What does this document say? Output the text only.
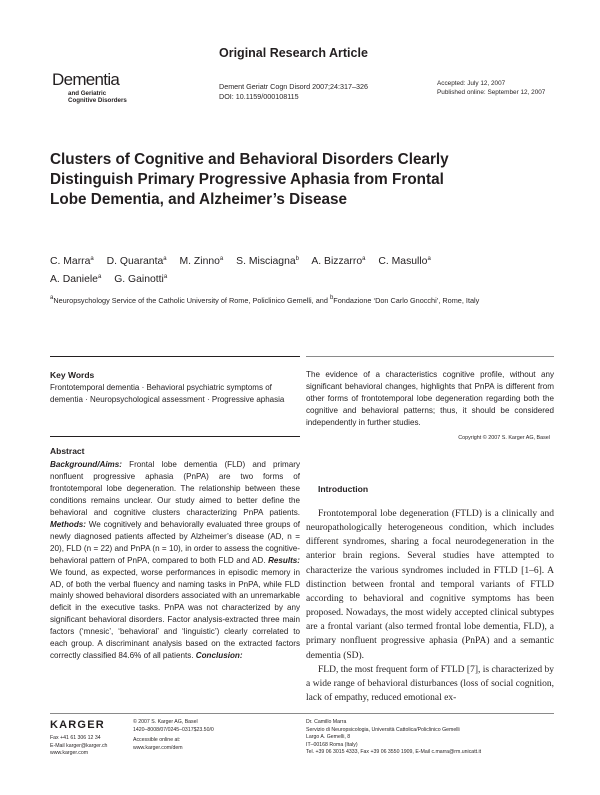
Original Research Article
Dementia
and Geriatric
Cognitive Disorders
Dement Geriatr Cogn Disord 2007;24:317–326
DOI: 10.1159/000108115
Accepted: July 12, 2007
Published online: September 12, 2007
Clusters of Cognitive and Behavioral Disorders Clearly Distinguish Primary Progressive Aphasia from Frontal Lobe Dementia, and Alzheimer’s Disease
C. Marra$^a$ D. Quaranta$^a$ M. Zinno$^a$ S. Misciagna$^b$ A. Bizzarro$^a$ C. Masullo$^a$
A. Daniele$^a$ G. Gainotti$^a$
$^a$Neuropsychology Service of the Catholic University of Rome, Policlinico Gemelli, and $^b$Fondazione ‘Don Carlo Gnocchi’, Rome, Italy
Key Words
Frontotemporal dementia · Behavioral psychiatric symptoms of dementia · Neuropsychological assessment · Progressive aphasia
Abstract
Background/Aims: Frontal lobe dementia (FLD) and primary nonfluent progressive aphasia (PnPA) are two forms of frontotemporal lobe degeneration. The relationship between these conditions remains unclear. Our study aimed to better define the behavioral and cognitive clusters characterizing PnPA patients. Methods: We cognitively and behaviorally evaluated three groups of newly diagnosed patients affected by Alzheimer’s disease (AD, n = 20), FLD (n = 22) and PnPA (n = 10), in order to assess the cognitive-behavioral pattern of PnPA, compared to both FLD and AD. Results: We found, as expected, worse performances in episodic memory in AD, of both the verbal fluency and naming tasks in PnPA, while FLD mainly showed behavioral disorders associated with an unremarkable deficit in the executive tasks. PnPA was not characterized by any significant behavioral disorders. Factor analysis-extracted three main factors (‘mnesic’, ‘behavioral’ and ‘linguistic’) clearly correlated to each group. A discriminant analysis based on the extracted factors correctly classified 84.6% of all patients. Conclusion:
The evidence of a characteristics cognitive profile, without any significant behavioral changes, highlights that PnPA is different from other forms of frontotemporal lobe degeneration regarding both the cognitive and behavioral patterns; thus, it should be considered independently in further studies.
Copyright © 2007 S. Karger AG, Basel
Introduction

Frontotemporal lobe degeneration (FTLD) is a clinically and neuropathologically heterogeneous condition, which includes different syndromes, sharing a focal neurodegeneration in the anterior brain regions. Several studies have attempted to characterize the various syndromes included in FTLD [1–6]. A distinction between frontal and temporal variants of FTLD according to behavioral and cognitive symptoms has been proposed. Nowadays, the most widely accepted clinical subtypes are a frontal variant (also termed frontal lobe dementia, FLD), a primary nonfluent progressive aphasia (PnPA) and a semantic dementia (SD).

FLD, the most frequent form of FTLD [7], is characterized by a wide range of behavioral disturbances (loss of social cognition, lack of empathy, reduced emotional ex-

KARGER
Fax +41 61 306 12 34
E-Mail karger@karger.ch
www.karger.com
© 2007 S. Karger AG, Basel
1420–8008/07/0245–0317$23.50/0
Accessible online at:
www.karger.com/dem
Dr. Camillo Marra
Servizio di Neuropsicologia, Università Cattolica/Policlinico Gemelli
Largo A. Gemelli, 8
IT–00168 Roma (Italy)
Tel. +39 06 3015 4333, Fax +39 06 3550 1909, E-Mail c.marra@rm.unicatt.it
